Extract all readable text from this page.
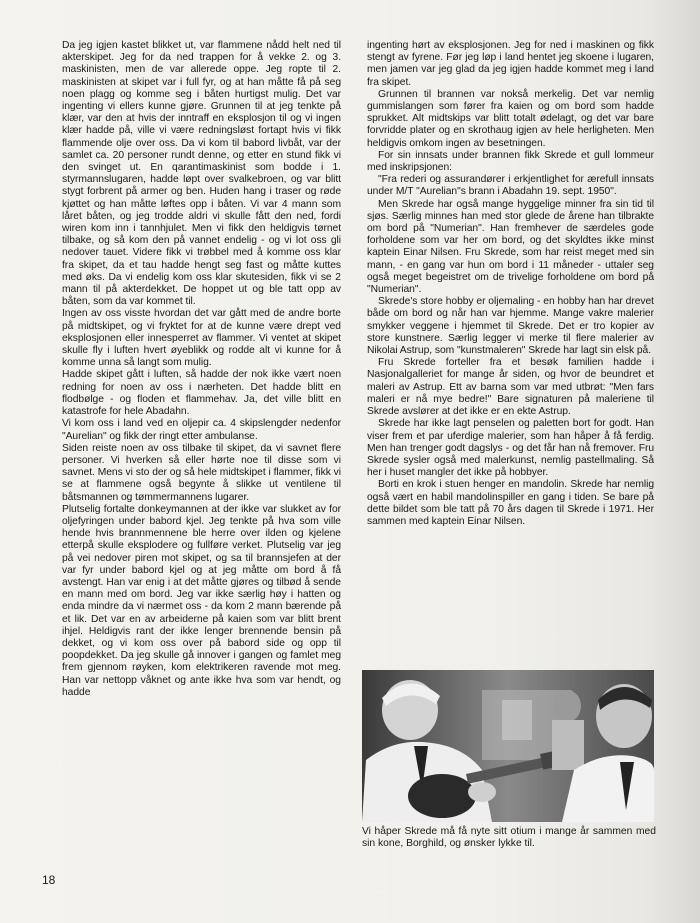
Da jeg igjen kastet blikket ut, var flammene nådd helt ned til akterskipet. Jeg for da ned trappen for å vekke 2. og 3. maskinisten, men de var allerede oppe. Jeg ropte til 2. maskinisten at skipet var i full fyr, og at han måtte få på seg noen plagg og komme seg i båten hurtigst mulig. Det var ingenting vi ellers kunne gjøre. Grunnen til at jeg tenkte på klær, var den at hvis der inntraff en eksplosjon til og vi ingen klær hadde på, ville vi være redningsløst fortapt hvis vi fikk flammende olje over oss. Da vi kom til babord livbåt, var der samlet ca. 20 personer rundt denne, og etter en stund fikk vi den svinget ut. En qarantimaskinist som bodde i 1. styrmannslugaren, hadde løpt over svalkebroen, og var blitt stygt forbrent på armer og ben. Huden hang i traser og røde kjøttet og han måtte løftes opp i båten. Vi var 4 mann som låret båten, og jeg trodde aldri vi skulle fått den ned, fordi wiren kom inn i tannhjulet. Men vi fikk den heldigvis tørnet tilbake, og så kom den på vannet endelig - og vi lot oss gli nedover tauet. Videre fikk vi trøbbel med å komme oss klar fra skipet, da et tau hadde hengt seg fast og måtte kuttes med øks. Da vi endelig kom oss klar skutesiden, fikk vi se 2 mann til på akterdekket. De hoppet ut og ble tatt opp av båten, som da var kommet til.

Ingen av oss visste hvordan det var gått med de andre borte på midtskipet, og vi fryktet for at de kunne være drept ved eksplosjonen eller innesperret av flammer. Vi ventet at skipet skulle fly i luften hvert øyeblikk og rodde alt vi kunne for å komme unna så langt som mulig.

Hadde skipet gått i luften, så hadde der nok ikke vært noen redning for noen av oss i nærheten. Det hadde blitt en flodbølge - og floden et flammehav. Ja, det ville blitt en katastrofe for hele Abadahn.

Vi kom oss i land ved en oljepir ca. 4 skipslengder nedenfor "Aurelian" og fikk der ringt etter ambulanse.

Siden reiste noen av oss tilbake til skipet, da vi savnet flere personer. Vi hverken så eller hørte noe til disse som vi savnet. Mens vi sto der og så hele midtskipet i flammer, fikk vi se at flammene også begynte å slikke ut ventilene til båtsmannen og tømmermannens lugarer.

Plutselig fortalte donkeymannen at der ikke var slukket av for oljefyringen under babord kjel. Jeg tenkte på hva som ville hende hvis brannmennene ble herre over ilden og kjelene etterpå skulle eksplodere og fullføre verket. Plutselig var jeg på vei nedover piren mot skipet, og sa til brannsjefen at der var fyr under babord kjel og at jeg måtte om bord å få avstengt. Han var enig i at det måtte gjøres og tilbød å sende en mann med om bord. Jeg var ikke særlig høy i hatten og enda mindre da vi nærmet oss - da kom 2 mann bærende på et lik. Det var en av arbeiderne på kaien som var blitt brent ihjel. Heldigvis rant der ikke lenger brennende bensin på dekket, og vi kom oss over på babord side og opp til poopdekket. Da jeg skulle gå innover i gangen og famlet meg frem gjennom røyken, kom elektrikeren ravende mot meg. Han var nettopp våknet og ante ikke hva som var hendt, og hadde

ingenting hørt av eksplosjonen. Jeg for ned i maskinen og fikk stengt av fyrene. Før jeg løp i land hentet jeg skoene i lugaren, men jamen var jeg glad da jeg igjen hadde kommet meg i land fra skipet.

Grunnen til brannen var nokså merkelig. Det var nemlig gummislangen som fører fra kaien og om bord som hadde sprukket. Alt midtskips var blitt totalt ødelagt, og det var bare forvridde plater og en skrothaug igjen av hele herligheten. Men heldigvis omkom ingen av besetningen.

For sin innsats under brannen fikk Skrede et gull lommeur med inskripsjonen:

"Fra rederi og assurandører i erkjentlighet for ærefull innsats under M/T "Aurelian"s brann i Abadahn 19. sept. 1950".

Men Skrede har også mange hyggelige minner fra sin tid til sjøs. Særlig minnes han med stor glede de årene han tilbrakte om bord på "Numerian". Han fremhever de særdeles gode forholdene som var her om bord, og det skyldtes ikke minst kaptein Einar Nilsen. Fru Skrede, som har reist meget med sin mann, - en gang var hun om bord i 11 måneder - uttaler seg også meget begeistret om de trivelige forholdene om bord på "Numerian".

Skrede's store hobby er oljemaling - en hobby han har drevet både om bord og når han var hjemme. Mange vakre malerier smykker veggene i hjemmet til Skrede. Det er tro kopier av store kunstnere. Særlig legger vi merke til flere malerier av Nikolai Astrup, som "kunstmaleren" Skrede har lagt sin elsk på.

Fru Skrede forteller fra et besøk familien hadde i Nasjonalgalleriet for mange år siden, og hvor de beundret et maleri av Astrup. Ett av barna som var med utbrøt: "Men fars maleri er nå mye bedre!" Bare signaturen på maleriene til Skrede avslører at det ikke er en ekte Astrup.

Skrede har ikke lagt penselen og paletten bort for godt. Han viser frem et par uferdige malerier, som han håper å få ferdig. Men han trenger godt dagslys - og det får han nå fremover. Fru Skrede sysler også med malerkunst, nemlig pastellmaling. Så her i huset mangler det ikke på hobbyer.

Borti en krok i stuen henger en mandolin. Skrede har nemlig også vært en habil mandolinspiller en gang i tiden. Se bare på dette bildet som ble tatt på 70 års dagen til Skrede i 1971. Her sammen med kaptein Einar Nilsen.

Vi håper Skrede må få nyte sitt otium i mange år sammen med sin kone, Borghild, og ønsker lykke til.
18
